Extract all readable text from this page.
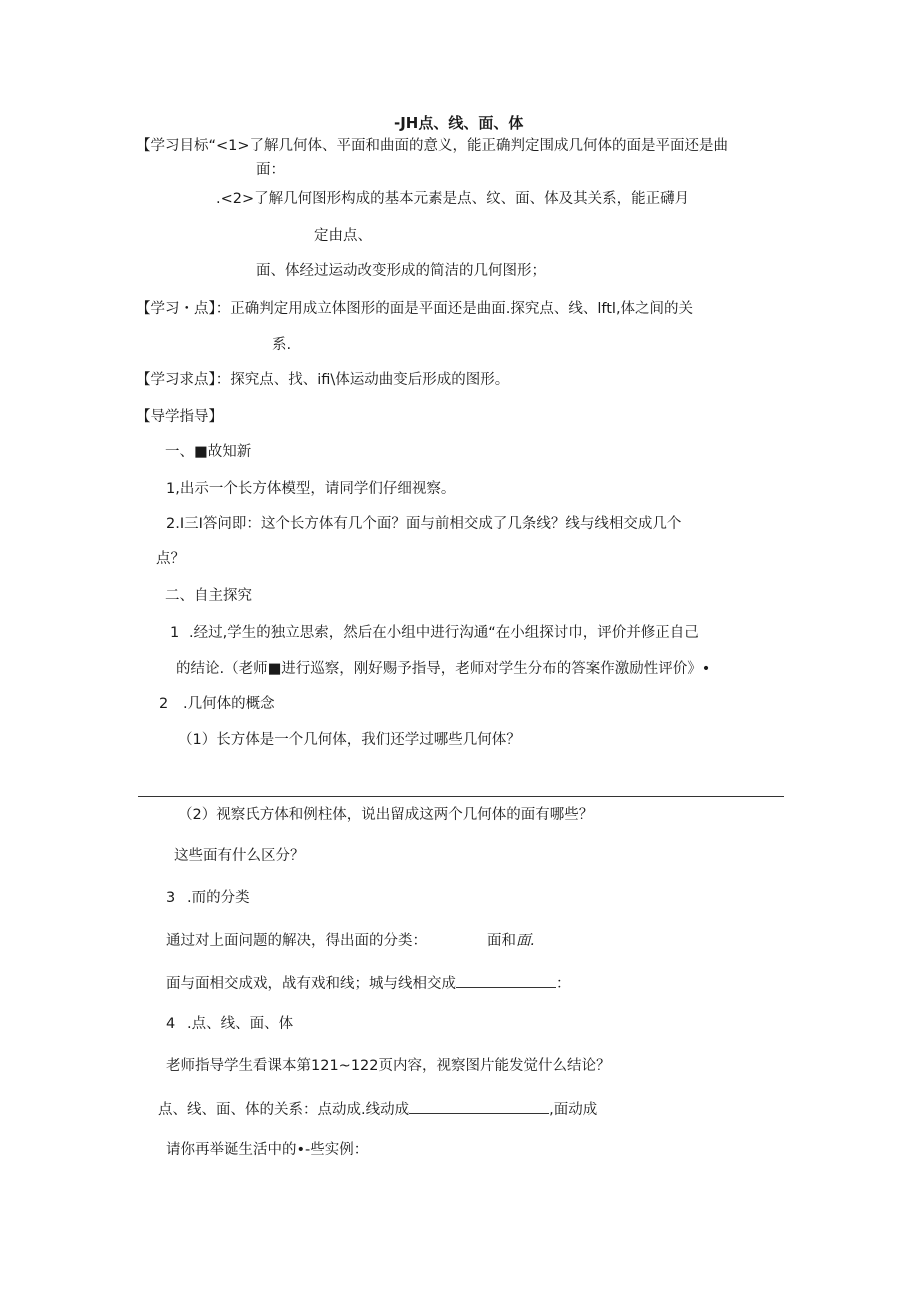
-JH点、线、面、体
【学习目标“<1>了解几何体、平面和曲面的意义，能正确判定围成几何体的面是平面还是曲
面：
.<2>了解几何图形构成的基本元素是点、纹、面、体及其关系，能正礴月
定由点、
面、体经过运动改变形成的简洁的几何图形；
【学习・点】：正确判定用成立体图形的面是平面还是曲面.探究点、线、lftl,体之间的关
系.
【学习求点】：探究点、找、ifi\体运动曲变后形成的图形。
【导学指导】
一、■故知新
1,出示一个长方体模型，请同学们仔细视察。
2.I三I答问即：这个长方体有几个面？面与前相交成了几条线？线与线相交成几个
点？
二、自主探究
1 .经过,学生的独立思索，然后在小组中进行沟通“在小组探讨巾，评价并修正自己
的结论.（老师■进行巡察，刚好赐予指导，老师对学生分布的答案作激励性评价》•
2 .几何体的概念
（1）长方体是一个几何体，我们还学过哪些几何体？
（2）视察氏方体和例柱体，说出留成这两个几何体的面有哪些？
这些面有什么区分？
3 .而的分类
通过对上面问题的解决，得出面的分类：	面和面.
面与面相交成戏，战有戏和线；城与线相交成	：
4 .点、线、面、体
老师指导学生看课本第121~122页内容，视察图片能发觉什么结论？
点、线、面、体的关系：点动成.线动成	,面动成
请你再举诞生活中的•-些实例：
